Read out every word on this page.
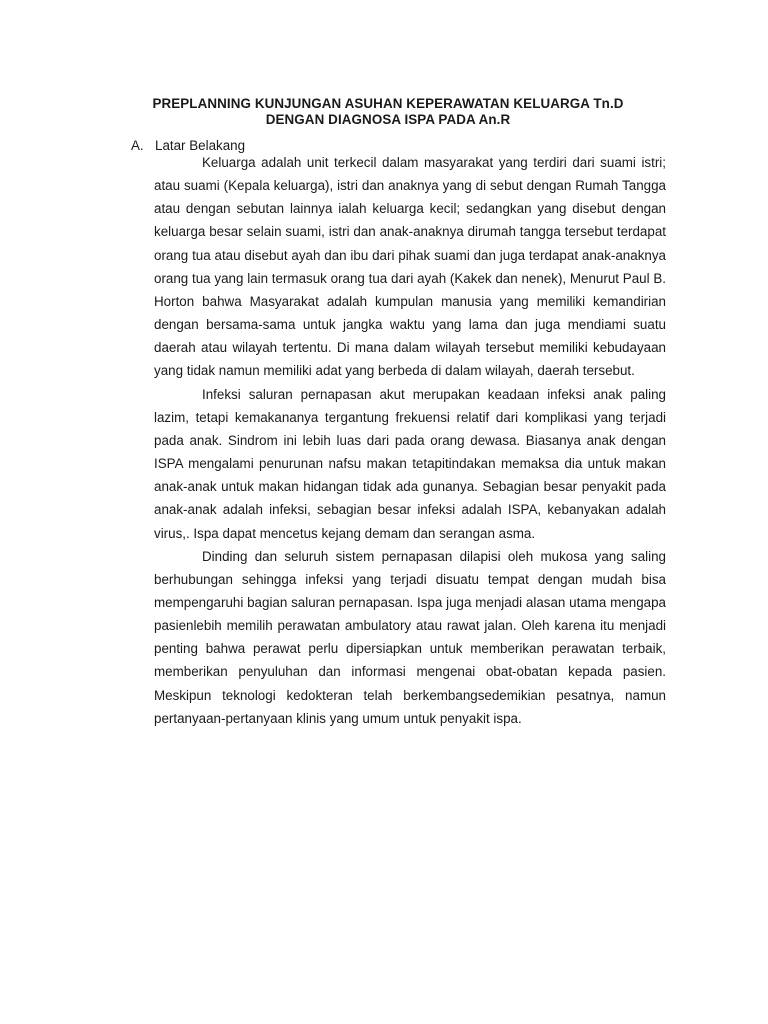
PREPLANNING KUNJUNGAN ASUHAN KEPERAWATAN KELUARGA Tn.D
DENGAN DIAGNOSA ISPA PADA An.R
A. Latar Belakang

Keluarga adalah unit terkecil dalam masyarakat yang terdiri dari suami istri; atau suami (Kepala keluarga), istri dan anaknya yang di sebut dengan Rumah Tangga atau dengan sebutan lainnya ialah keluarga kecil; sedangkan yang disebut dengan keluarga besar selain suami, istri dan anak-anaknya dirumah tangga tersebut terdapat orang tua atau disebut ayah dan ibu dari pihak suami dan juga terdapat anak-anaknya orang tua yang lain termasuk orang tua dari ayah (Kakek dan nenek), Menurut Paul B. Horton bahwa Masyarakat adalah kumpulan manusia yang memiliki kemandirian dengan bersama-sama untuk jangka waktu yang lama dan juga mendiami suatu daerah atau wilayah tertentu. Di mana dalam wilayah tersebut memiliki kebudayaan yang tidak namun memiliki adat yang berbeda di dalam wilayah, daerah tersebut.

Infeksi saluran pernapasan akut merupakan keadaan infeksi anak paling lazim, tetapi kemakananya tergantung frekuensi relatif dari komplikasi yang terjadi pada anak. Sindrom ini lebih luas dari pada orang dewasa. Biasanya anak dengan ISPA mengalami penurunan nafsu makan tetapitindakan memaksa dia untuk makan anak-anak untuk makan hidangan tidak ada gunanya. Sebagian besar penyakit pada anak-anak adalah infeksi, sebagian besar infeksi adalah ISPA, kebanyakan adalah virus,. Ispa dapat mencetus kejang demam dan serangan asma.

Dinding dan seluruh sistem pernapasan dilapisi oleh mukosa yang saling berhubungan sehingga infeksi yang terjadi disuatu tempat dengan mudah bisa mempengaruhi bagian saluran pernapasan. Ispa juga menjadi alasan utama mengapa pasienlebih memilih perawatan ambulatory atau rawat jalan. Oleh karena itu menjadi penting bahwa perawat perlu dipersiapkan untuk memberikan perawatan terbaik, memberikan penyuluhan dan informasi mengenai obat-obatan kepada pasien. Meskipun teknologi kedokteran telah berkembangsedemikian pesatnya, namun pertanyaan-pertanyaan klinis yang umum untuk penyakit ispa.
